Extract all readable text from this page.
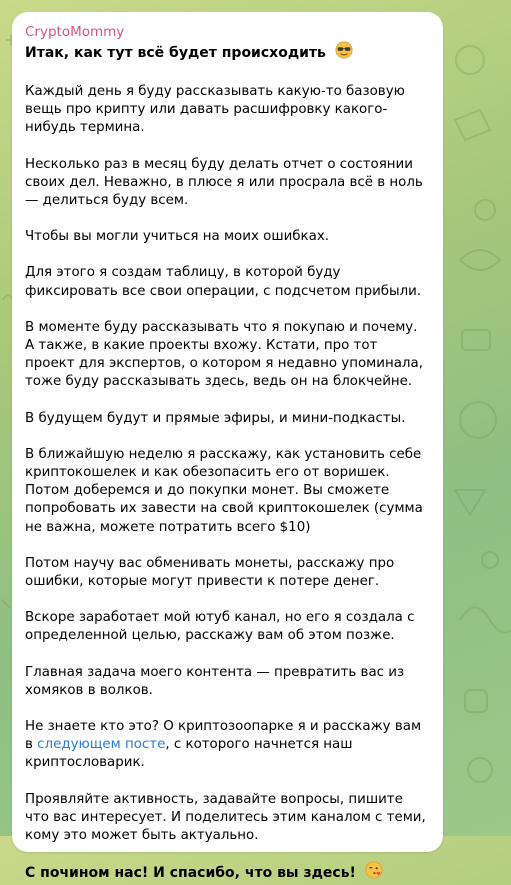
CryptoMommy
Итак, как тут всё будет происходить

Каждый день я буду рассказывать какую-то базовую вещь про крипту или давать расшифровку какого-нибудь термина.

Несколько раз в месяц буду делать отчет о состоянии своих дел. Неважно, в плюсе я или просрала всё в ноль — делиться буду всем.

Чтобы вы могли учиться на моих ошибках.

Для этого я создам таблицу, в которой буду фиксировать все свои операции, с подсчетом прибыли.

В моменте буду рассказывать что я покупаю и почему. А также, в какие проекты вхожу. Кстати, про тот проект для экспертов, о котором я недавно упоминала, тоже буду рассказывать здесь, ведь он на блокчейне.

В будущем будут и прямые эфиры, и мини-подкасты.

В ближайшую неделю я расскажу, как установить себе криптокошелек и как обезопасить его от воришек. Потом доберемся и до покупки монет. Вы сможете попробовать их завести на свой криптокошелек (сумма не важна, можете потратить всего $10)

Потом научу вас обменивать монеты, расскажу про ошибки, которые могут привести к потере денег.

Вскоре заработает мой ютуб канал, но его я создала с определенной целью, расскажу вам об этом позже.

Главная задача моего контента — превратить вас из хомяков в волков.

Не знаете кто это? О криптозоопарке я и расскажу вам в следующем посте, с которого начнется наш криптословарик.

Проявляйте активность, задавайте вопросы, пишите что вас интересует. И поделитесь этим каналом с теми, кому это может быть актуально.

С почином нас! И спасибо, что вы здесь!
